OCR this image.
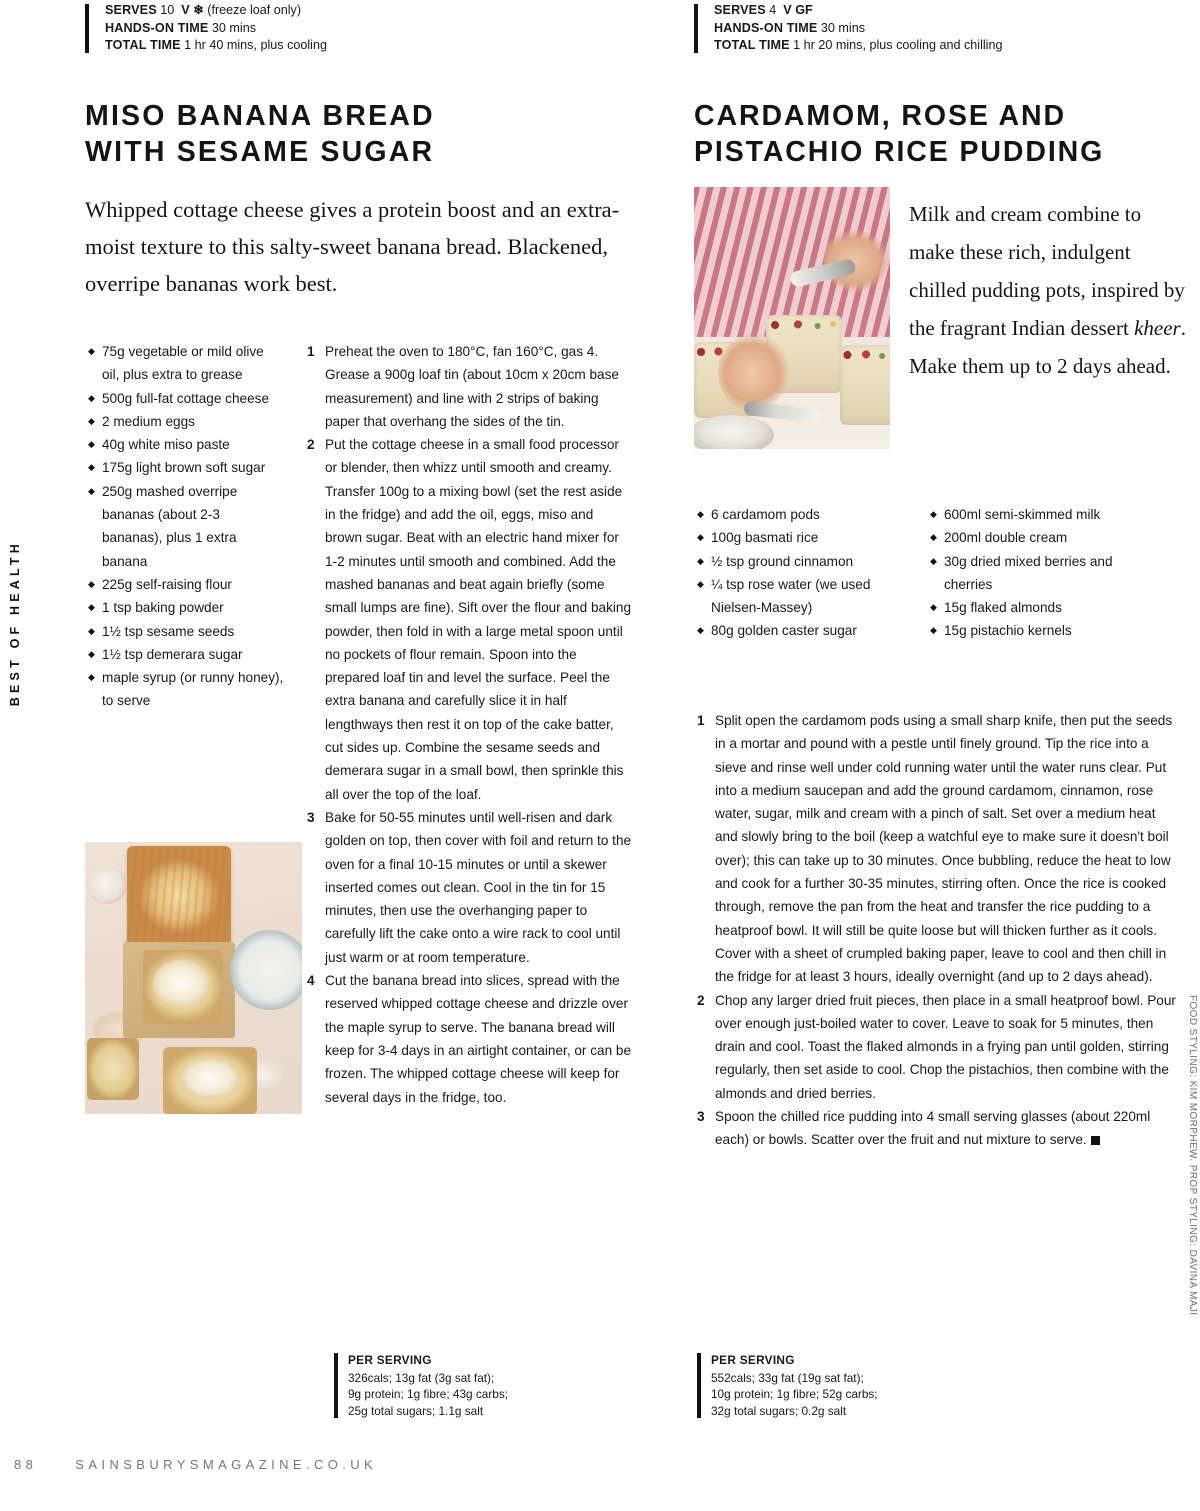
BEST OF HEALTH
FOOD STYLING: KIM MORPHEW. PROP STYLING: DAVINA MAJI
SERVES 10 V ❄ (freeze loaf only)
HANDS-ON TIME 30 mins
TOTAL TIME 1 hr 40 mins, plus cooling
MISO BANANA BREAD
WITH SESAME SUGAR

Whipped cottage cheese gives a protein boost and an extra-moist texture to this salty-sweet banana bread. Blackened, overripe bananas work best.

◆ 75g vegetable or mild olive oil, plus extra to grease
◆ 500g full-fat cottage cheese
◆ 2 medium eggs
◆ 40g white miso paste
◆ 175g light brown soft sugar
◆ 250g mashed overripe bananas (about 2-3 bananas), plus 1 extra banana
◆ 225g self-raising flour
◆ 1 tsp baking powder
◆ 1½ tsp sesame seeds
◆ 1½ tsp demerara sugar
◆ maple syrup (or runny honey), to serve
1 Preheat the oven to 180°C, fan 160°C, gas 4. Grease a 900g loaf tin (about 10cm x 20cm base measurement) and line with 2 strips of baking paper that overhang the sides of the tin.
2 Put the cottage cheese in a small food processor or blender, then whizz until smooth and creamy. Transfer 100g to a mixing bowl (set the rest aside in the fridge) and add the oil, eggs, miso and brown sugar. Beat with an electric hand mixer for 1-2 minutes until smooth and combined. Add the mashed bananas and beat again briefly (some small lumps are fine). Sift over the flour and baking powder, then fold in with a large metal spoon until no pockets of flour remain. Spoon into the prepared loaf tin and level the surface. Peel the extra banana and carefully slice it in half lengthways then rest it on top of the cake batter, cut sides up. Combine the sesame seeds and demerara sugar in a small bowl, then sprinkle this all over the top of the loaf.
3 Bake for 50-55 minutes until well-risen and dark golden on top, then cover with foil and return to the oven for a final 10-15 minutes or until a skewer inserted comes out clean. Cool in the tin for 15 minutes, then use the overhanging paper to carefully lift the cake onto a wire rack to cool until just warm or at room temperature.
4 Cut the banana bread into slices, spread with the reserved whipped cottage cheese and drizzle over the maple syrup to serve. The banana bread will keep for 3-4 days in an airtight container, or can be frozen. The whipped cottage cheese will keep for several days in the fridge, too.
PER SERVING
326cals; 13g fat (3g sat fat);
9g protein; 1g fibre; 43g carbs;
25g total sugars; 1.1g salt
SERVES 4 V GF
HANDS-ON TIME 30 mins
TOTAL TIME 1 hr 20 mins, plus cooling and chilling
CARDAMOM, ROSE AND
PISTACHIO RICE PUDDING

Milk and cream combine to make these rich, indulgent chilled pudding pots, inspired by the fragrant Indian dessert kheer. Make them up to 2 days ahead.

◆ 6 cardamom pods
◆ 100g basmati rice
◆ ½ tsp ground cinnamon
◆ ¼ tsp rose water (we used Nielsen-Massey)
◆ 80g golden caster sugar
◆ 600ml semi-skimmed milk
◆ 200ml double cream
◆ 30g dried mixed berries and cherries
◆ 15g flaked almonds
◆ 15g pistachio kernels
1 Split open the cardamom pods using a small sharp knife, then put the seeds in a mortar and pound with a pestle until finely ground. Tip the rice into a sieve and rinse well under cold running water until the water runs clear. Put into a medium saucepan and add the ground cardamom, cinnamon, rose water, sugar, milk and cream with a pinch of salt. Set over a medium heat and slowly bring to the boil (keep a watchful eye to make sure it doesn't boil over); this can take up to 30 minutes. Once bubbling, reduce the heat to low and cook for a further 30-35 minutes, stirring often. Once the rice is cooked through, remove the pan from the heat and transfer the rice pudding to a heatproof bowl. It will still be quite loose but will thicken further as it cools. Cover with a sheet of crumpled baking paper, leave to cool and then chill in the fridge for at least 3 hours, ideally overnight (and up to 2 days ahead).
2 Chop any larger dried fruit pieces, then place in a small heatproof bowl. Pour over enough just-boiled water to cover. Leave to soak for 5 minutes, then drain and cool. Toast the flaked almonds in a frying pan until golden, stirring regularly, then set aside to cool. Chop the pistachios, then combine with the almonds and dried berries.
3 Spoon the chilled rice pudding into 4 small serving glasses (about 220ml each) or bowls. Scatter over the fruit and nut mixture to serve.
PER SERVING
552cals; 33g fat (19g sat fat);
10g protein; 1g fibre; 52g carbs;
32g total sugars; 0.2g salt
88	SAINSBURYSMAGAZINE.CO.UK
